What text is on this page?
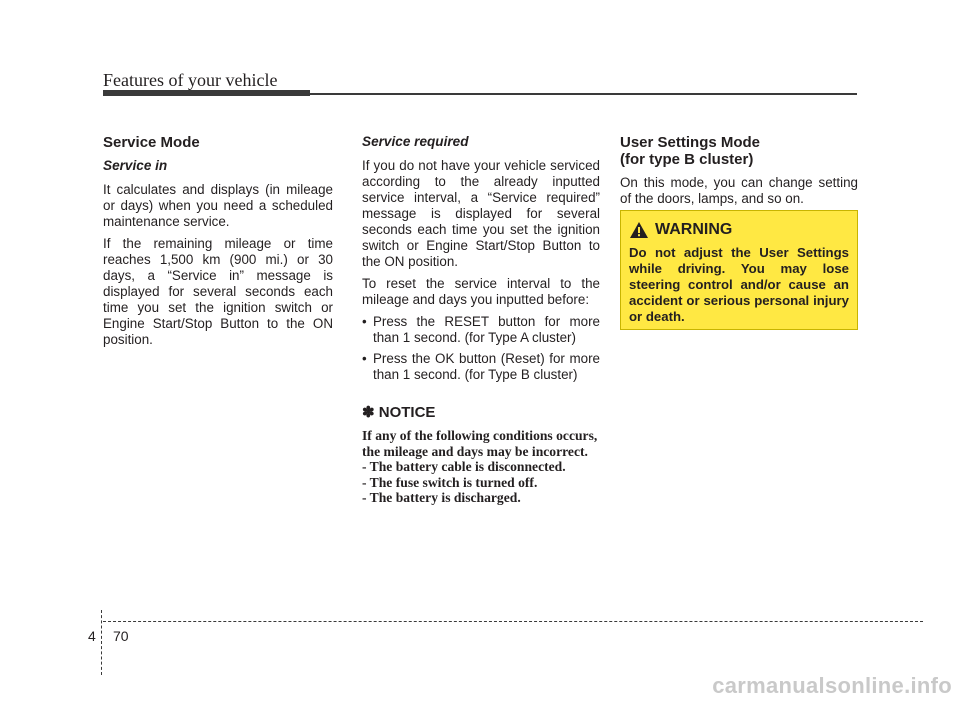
Features of your vehicle
Service Mode
Service in

It calculates and displays (in mileage or days) when you need a scheduled maintenance service.

If the remaining mileage or time reaches 1,500 km (900 mi.) or 30 days, a “Service in” message is displayed for several seconds each time you set the ignition switch or Engine Start/Stop Button to the ON position.

Service required

If you do not have your vehicle serviced according to the already inputted service interval, a “Service required” message is displayed for several seconds each time you set the ignition switch or Engine Start/Stop Button to the ON position.

To reset the service interval to the mileage and days you inputted before:

• Press the RESET button for more than 1 second. (for Type A cluster)
• Press the OK button (Reset) for more than 1 second. (for Type B cluster)
✽ NOTICE
If any of the following conditions occurs, the mileage and days may be incorrect.
- The battery cable is disconnected.
- The fuse switch is turned off.
- The battery is discharged.
User Settings Mode
(for type B cluster)

On this mode, you can change setting of the doors, lamps, and so on.

WARNING
Do not adjust the User Settings while driving. You may lose steering control and/or cause an accident or serious personal injury or death.
4 70
carmanualsonline.info
